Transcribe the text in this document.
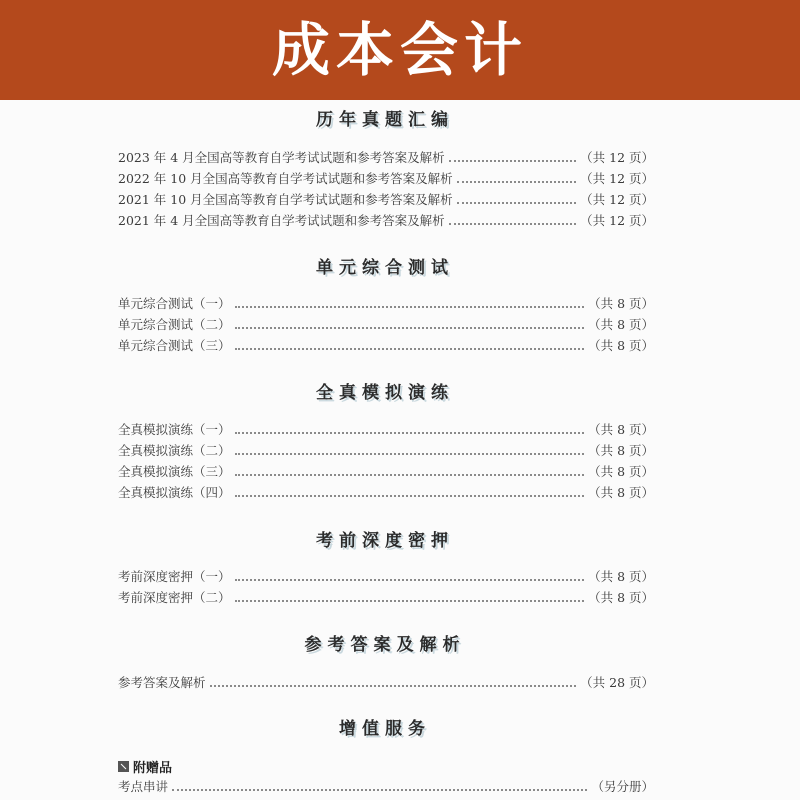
成本会计
历年真题汇编
2023 年 4 月全国高等教育自学考试试题和参考答案及解析	（共 12 页）
2022 年 10 月全国高等教育自学考试试题和参考答案及解析	（共 12 页）
2021 年 10 月全国高等教育自学考试试题和参考答案及解析	（共 12 页）
2021 年 4 月全国高等教育自学考试试题和参考答案及解析	（共 12 页）
单元综合测试
单元综合测试（一）	（共 8 页）
单元综合测试（二）	（共 8 页）
单元综合测试（三）	（共 8 页）
全真模拟演练
全真模拟演练（一）	（共 8 页）
全真模拟演练（二）	（共 8 页）
全真模拟演练（三）	（共 8 页）
全真模拟演练（四）	（共 8 页）
考前深度密押
考前深度密押（一）	（共 8 页）
考前深度密押（二）	（共 8 页）
参考答案及解析
参考答案及解析	（共 28 页）
增值服务
附赠品
考点串讲	（另分册）
